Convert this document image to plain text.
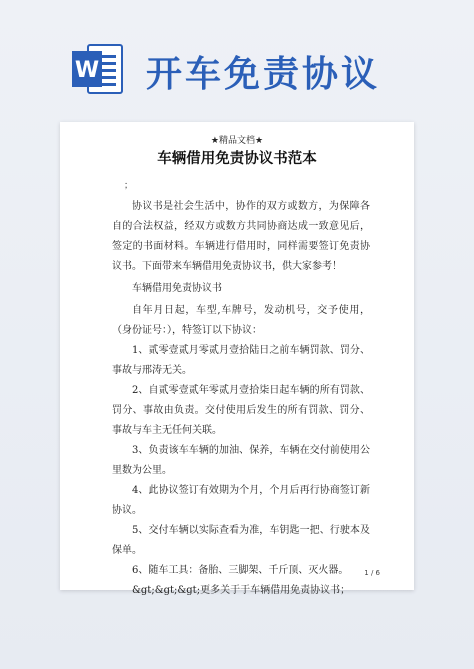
W 开车免责协议
★精品文档★
车辆借用免责协议书范本
；

协议书是社会生活中，协作的双方或数方，为保障各自的合法权益，经双方或数方共同协商达成一致意见后，签定的书面材料。车辆进行借用时，同样需要签订免责协议书。下面带来车辆借用免责协议书，供大家参考！

车辆借用免责协议书

自年月日起，车型,车牌号，发动机号，交予使用，（身份证号：），特签订以下协议：

1、贰零壹贰月零贰月壹拾陆日之前车辆罚款、罚分、事故与邢涛无关。

2、自贰零壹贰年零贰月壹拾柒日起车辆的所有罚款、罚分、事故由负责。交付使用后发生的所有罚款、罚分、事故与车主无任何关联。

3、负责该车车辆的加油、保养，车辆在交付前使用公里数为公里。

4、此协议签订有效期为个月，个月后再行协商签订新协议。

5、交付车辆以实际查看为准，车钥匙一把、行驶本及保单。

6、随车工具：备胎、三脚架、千斤顶、灭火器。

&gt;&gt;&gt;更多关于于车辆借用免责协议书；

1 / 6
